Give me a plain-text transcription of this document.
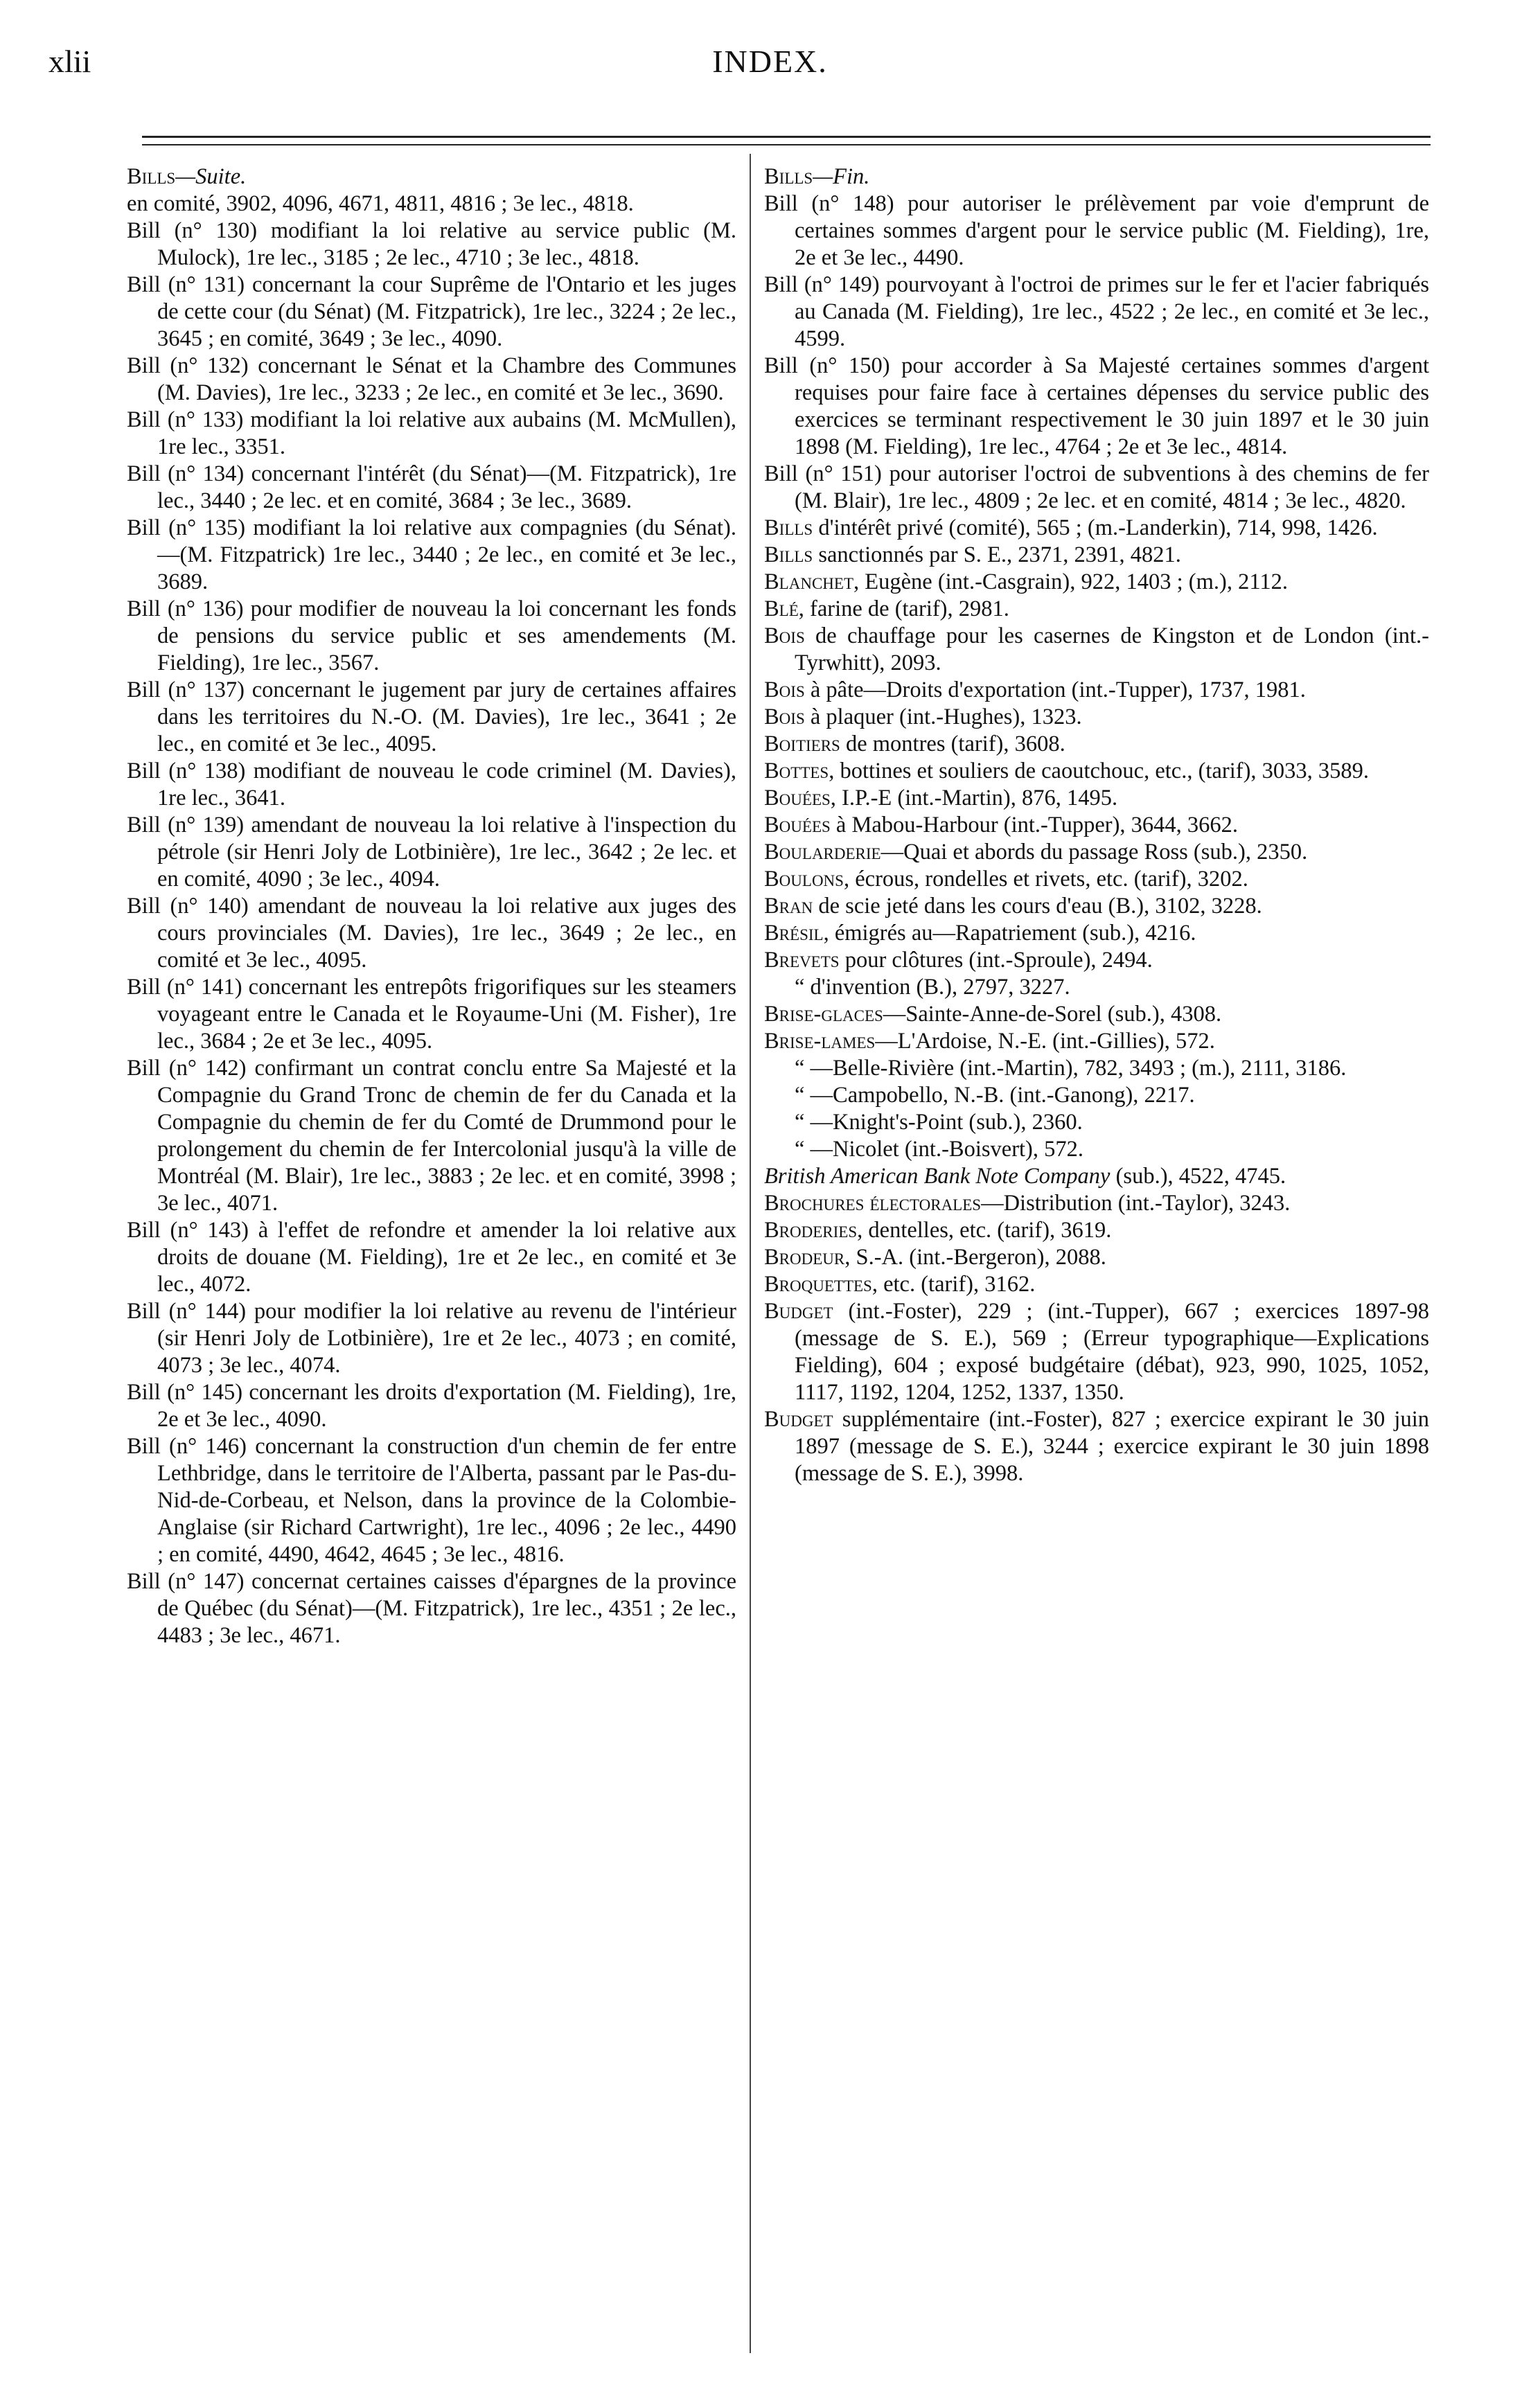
xlii	INDEX.

Bills—Suite.

en comité, 3902, 4096, 4671, 4811, 4816 ; 3e lec., 4818.

Bill (n° 130) modifiant la loi relative au service public (M. Mulock), 1re lec., 3185 ; 2e lec., 4710 ; 3e lec., 4818.

Bill (n° 131) concernant la cour Suprême de l'Ontario et les juges de cette cour (du Sénat) (M. Fitzpatrick), 1re lec., 3224 ; 2e lec., 3645 ; en comité, 3649 ; 3e lec., 4090.

Bill (n° 132) concernant le Sénat et la Chambre des Communes (M. Davies), 1re lec., 3233 ; 2e lec., en comité et 3e lec., 3690.

Bill (n° 133) modifiant la loi relative aux aubains (M. McMullen), 1re lec., 3351.

Bill (n° 134) concernant l'intérêt (du Sénat)—(M. Fitzpatrick), 1re lec., 3440 ; 2e lec. et en comité, 3684 ; 3e lec., 3689.

Bill (n° 135) modifiant la loi relative aux compagnies (du Sénat).—(M. Fitzpatrick) 1re lec., 3440 ; 2e lec., en comité et 3e lec., 3689.

Bill (n° 136) pour modifier de nouveau la loi concernant les fonds de pensions du service public et ses amendements (M. Fielding), 1re lec., 3567.

Bill (n° 137) concernant le jugement par jury de certaines affaires dans les territoires du N.-O. (M. Davies), 1re lec., 3641 ; 2e lec., en comité et 3e lec., 4095.

Bill (n° 138) modifiant de nouveau le code criminel (M. Davies), 1re lec., 3641.

Bill (n° 139) amendant de nouveau la loi relative à l'inspection du pétrole (sir Henri Joly de Lotbinière), 1re lec., 3642 ; 2e lec. et en comité, 4090 ; 3e lec., 4094.

Bill (n° 140) amendant de nouveau la loi relative aux juges des cours provinciales (M. Davies), 1re lec., 3649 ; 2e lec., en comité et 3e lec., 4095.

Bill (n° 141) concernant les entrepôts frigorifiques sur les steamers voyageant entre le Canada et le Royaume-Uni (M. Fisher), 1re lec., 3684 ; 2e et 3e lec., 4095.

Bill (n° 142) confirmant un contrat conclu entre Sa Majesté et la Compagnie du Grand Tronc de chemin de fer du Canada et la Compagnie du chemin de fer du Comté de Drummond pour le prolongement du chemin de fer Intercolonial jusqu'à la ville de Montréal (M. Blair), 1re lec., 3883 ; 2e lec. et en comité, 3998 ; 3e lec., 4071.

Bill (n° 143) à l'effet de refondre et amender la loi relative aux droits de douane (M. Fielding), 1re et 2e lec., en comité et 3e lec., 4072.

Bill (n° 144) pour modifier la loi relative au revenu de l'intérieur (sir Henri Joly de Lotbinière), 1re et 2e lec., 4073 ; en comité, 4073 ; 3e lec., 4074.

Bill (n° 145) concernant les droits d'exportation (M. Fielding), 1re, 2e et 3e lec., 4090.

Bill (n° 146) concernant la construction d'un chemin de fer entre Lethbridge, dans le territoire de l'Alberta, passant par le Pas-du-Nid-de-Corbeau, et Nelson, dans la province de la Colombie-Anglaise (sir Richard Cartwright), 1re lec., 4096 ; 2e lec., 4490 ; en comité, 4490, 4642, 4645 ; 3e lec., 4816.

Bill (n° 147) concernat certaines caisses d'épargnes de la province de Québec (du Sénat)—(M. Fitzpatrick), 1re lec., 4351 ; 2e lec., 4483 ; 3e lec., 4671.

Bills—Fin.

Bill (n° 148) pour autoriser le prélèvement par voie d'emprunt de certaines sommes d'argent pour le service public (M. Fielding), 1re, 2e et 3e lec., 4490.

Bill (n° 149) pourvoyant à l'octroi de primes sur le fer et l'acier fabriqués au Canada (M. Fielding), 1re lec., 4522 ; 2e lec., en comité et 3e lec., 4599.

Bill (n° 150) pour accorder à Sa Majesté certaines sommes d'argent requises pour faire face à certaines dépenses du service public des exercices se terminant respectivement le 30 juin 1897 et le 30 juin 1898 (M. Fielding), 1re lec., 4764 ; 2e et 3e lec., 4814.

Bill (n° 151) pour autoriser l'octroi de subventions à des chemins de fer (M. Blair), 1re lec., 4809 ; 2e lec. et en comité, 4814 ; 3e lec., 4820.

Bills d'intérêt privé (comité), 565 ; (m.-Landerkin), 714, 998, 1426.

Bills sanctionnés par S. E., 2371, 2391, 4821.

Blanchet, Eugène (int.-Casgrain), 922, 1403 ; (m.), 2112.

Blé, farine de (tarif), 2981.

Bois de chauffage pour les casernes de Kingston et de London (int.-Tyrwhitt), 2093.

Bois à pâte—Droits d'exportation (int.-Tupper), 1737, 1981.

Bois à plaquer (int.-Hughes), 1323.

Boitiers de montres (tarif), 3608.

Bottes, bottines et souliers de caoutchouc, etc., (tarif), 3033, 3589.

Bouées, I.P.-E (int.-Martin), 876, 1495.

Bouées à Mabou-Harbour (int.-Tupper), 3644, 3662.

Boularderie—Quai et abords du passage Ross (sub.), 2350.

Boulons, écrous, rondelles et rivets, etc. (tarif), 3202.

Bran de scie jeté dans les cours d'eau (B.), 3102, 3228.

Brésil, émigrés au—Rapatriement (sub.), 4216.

Brevets pour clôtures (int.-Sproule), 2494.

“ d'invention (B.), 2797, 3227.

Brise-glaces—Sainte-Anne-de-Sorel (sub.), 4308.

Brise-lames—L'Ardoise, N.-E. (int.-Gillies), 572.

“ —Belle-Rivière (int.-Martin), 782, 3493 ; (m.), 2111, 3186.

“ —Campobello, N.-B. (int.-Ganong), 2217.

“ —Knight's-Point (sub.), 2360.

“ —Nicolet (int.-Boisvert), 572.

British American Bank Note Company (sub.), 4522, 4745.

Brochures électorales—Distribution (int.-Taylor), 3243.

Broderies, dentelles, etc. (tarif), 3619.

Brodeur, S.-A. (int.-Bergeron), 2088.

Broquettes, etc. (tarif), 3162.

Budget (int.-Foster), 229 ; (int.-Tupper), 667 ; exercices 1897-98 (message de S. E.), 569 ; (Erreur typographique—Explications Fielding), 604 ; exposé budgétaire (débat), 923, 990, 1025, 1052, 1117, 1192, 1204, 1252, 1337, 1350.

Budget supplémentaire (int.-Foster), 827 ; exercice expirant le 30 juin 1897 (message de S. E.), 3244 ; exercice expirant le 30 juin 1898 (message de S. E.), 3998.
